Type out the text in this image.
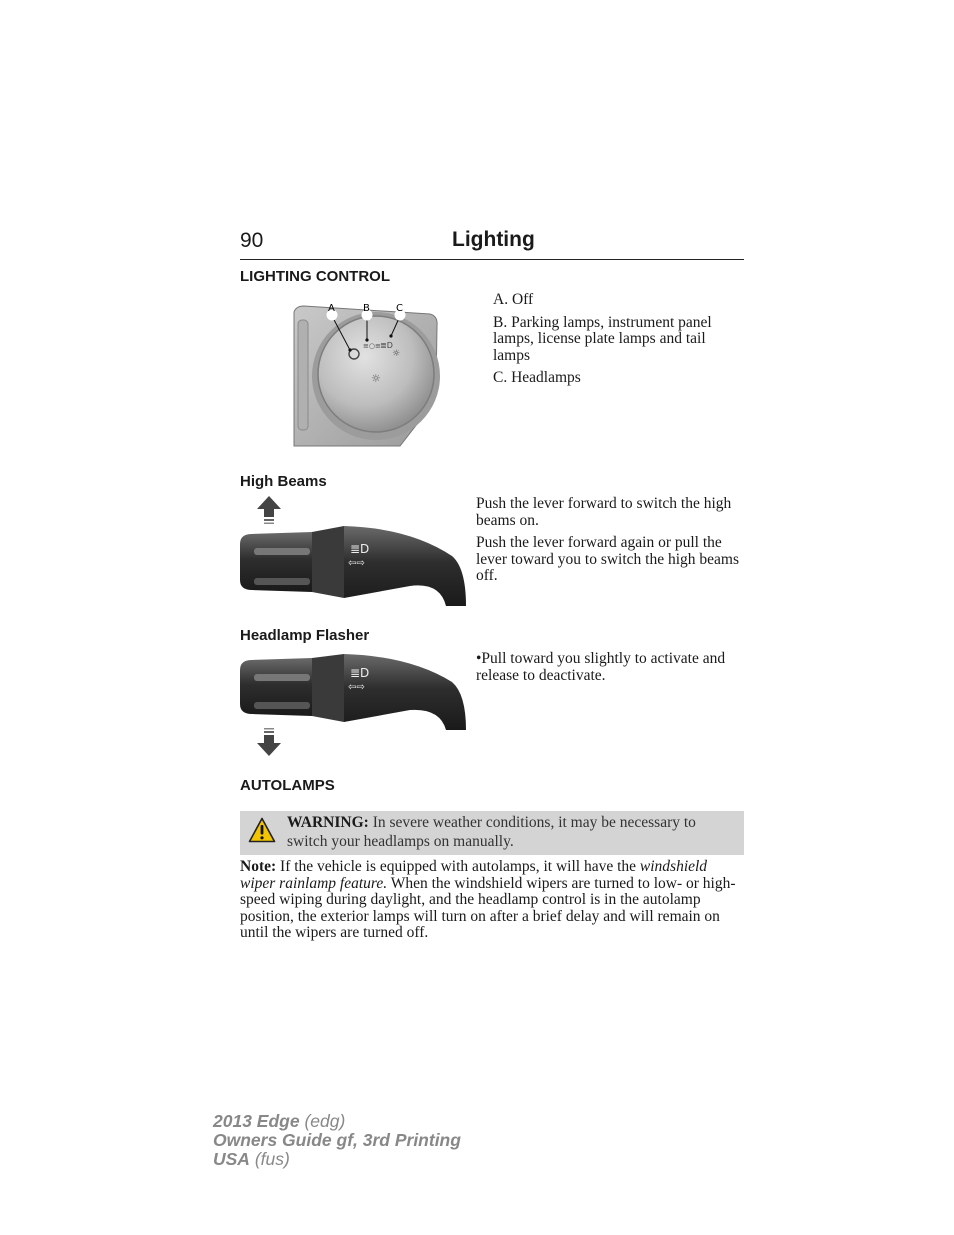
90	Lighting
LIGHTING CONTROL
≡○≡ ≣D
☼
☼
A	B	C

A. Off

B. Parking lamps, instrument panel lamps, license plate lamps and tail lamps

C. Headlamps

High Beams
≣D
⇦⇨

Push the lever forward to switch the high beams on.

Push the lever forward again or pull the lever toward you to switch the high beams off.

Headlamp Flasher
≣D
⇦⇨

•Pull toward you slightly to activate and release to deactivate.

AUTOLAMPS
WARNING: In severe weather conditions, it may be necessary to switch your headlamps on manually.
Note: If the vehicle is equipped with autolamps, it will have the windshield wiper rainlamp feature. When the windshield wipers are turned to low- or high-speed wiping during daylight, and the headlamp control is in the autolamp position, the exterior lamps will turn on after a brief delay and will remain on until the wipers are turned off.
2013 Edge (edg)
Owners Guide gf, 3rd Printing
USA (fus)
